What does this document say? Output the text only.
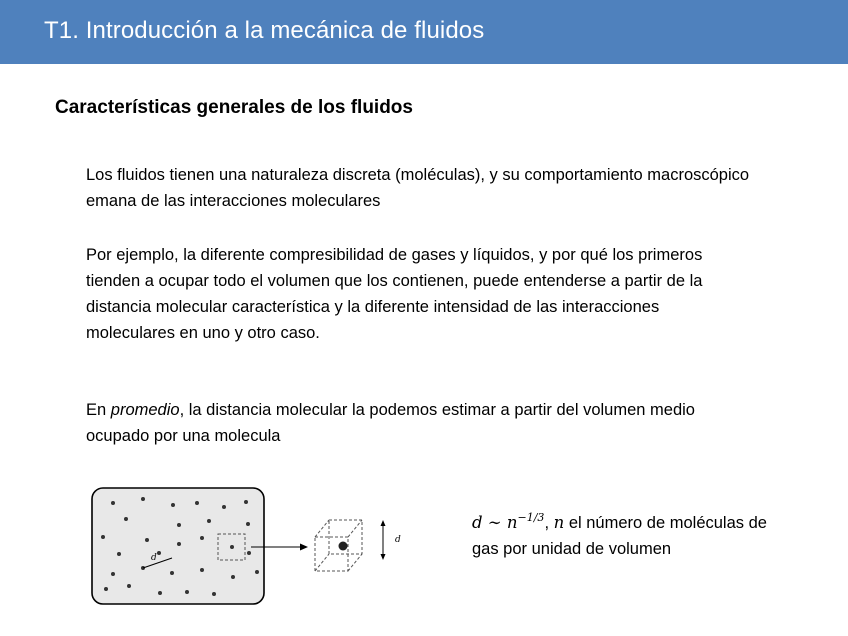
T1. Introducción a la mecánica de fluidos
Características generales de los fluidos
Los fluidos tienen una naturaleza discreta (moléculas), y su comportamiento macroscópico emana de las interacciones moleculares
Por ejemplo, la diferente compresibilidad de gases y líquidos, y por qué los primeros tienden a ocupar todo el volumen que los contienen, puede entenderse a partir de la distancia molecular característica y la diferente intensidad de las interacciones moleculares en uno y otro caso.
En promedio, la distancia molecular la podemos estimar a partir del volumen medio ocupado por una molecula
d
d
d ∼ $n^{-1/3}$, n el número de moléculas de gas por unidad de volumen
